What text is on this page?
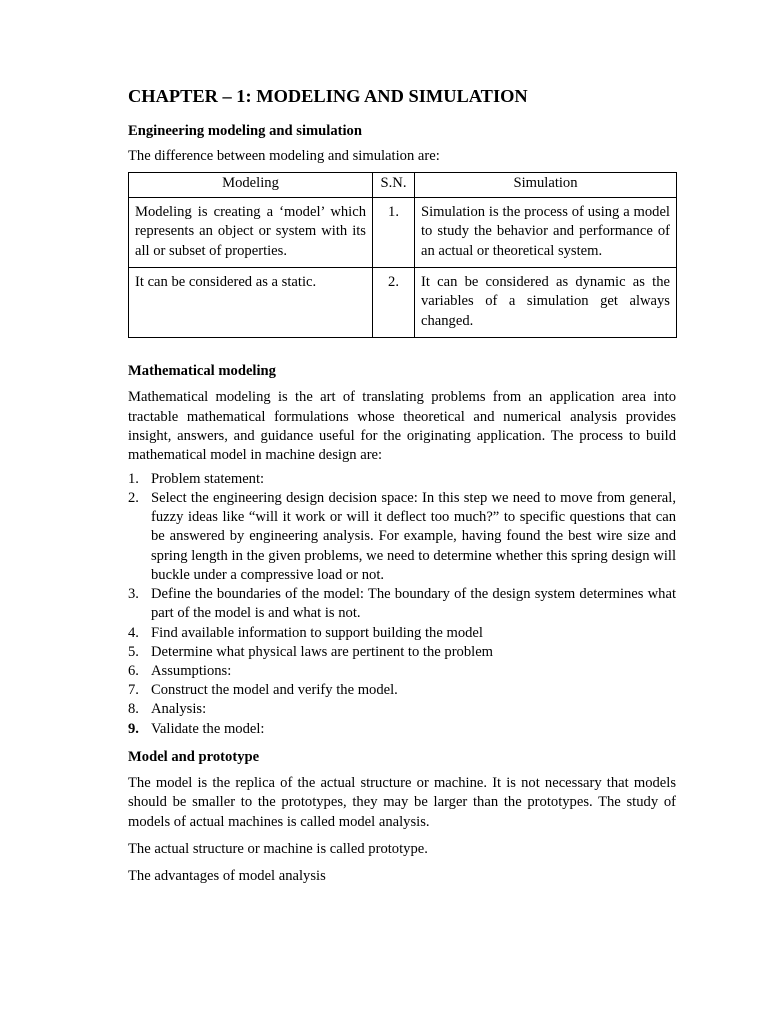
CHAPTER – 1: MODELING AND SIMULATION
Engineering modeling and simulation

The difference between modeling and simulation are:

Modeling	S.N.	Simulation
Modeling is creating a ‘model’ which represents an object or system with its all or subset of properties.	1.	Simulation is the process of using a model to study the behavior and performance of an actual or theoretical system.
It can be considered as a static.	2.	It can be considered as dynamic as the variables of a simulation get always changed.
Mathematical modeling

Mathematical modeling is the art of translating problems from an application area into tractable mathematical formulations whose theoretical and numerical analysis provides insight, answers, and guidance useful for the originating application. The process to build mathematical model in machine design are:

1. Problem statement:
2. Select the engineering design decision space: In this step we need to move from general, fuzzy ideas like “will it work or will it deflect too much?” to specific questions that can be answered by engineering analysis. For example, having found the best wire size and spring length in the given problems, we need to determine whether this spring design will buckle under a compressive load or not.
3. Define the boundaries of the model: The boundary of the design system determines what part of the model is and what is not.
4. Find available information to support building the model
5. Determine what physical laws are pertinent to the problem
6. Assumptions:
7. Construct the model and verify the model.
8. Analysis:
9. Validate the model:
Model and prototype

The model is the replica of the actual structure or machine. It is not necessary that models should be smaller to the prototypes, they may be larger than the prototypes. The study of models of actual machines is called model analysis.

The actual structure or machine is called prototype.

The advantages of model analysis
